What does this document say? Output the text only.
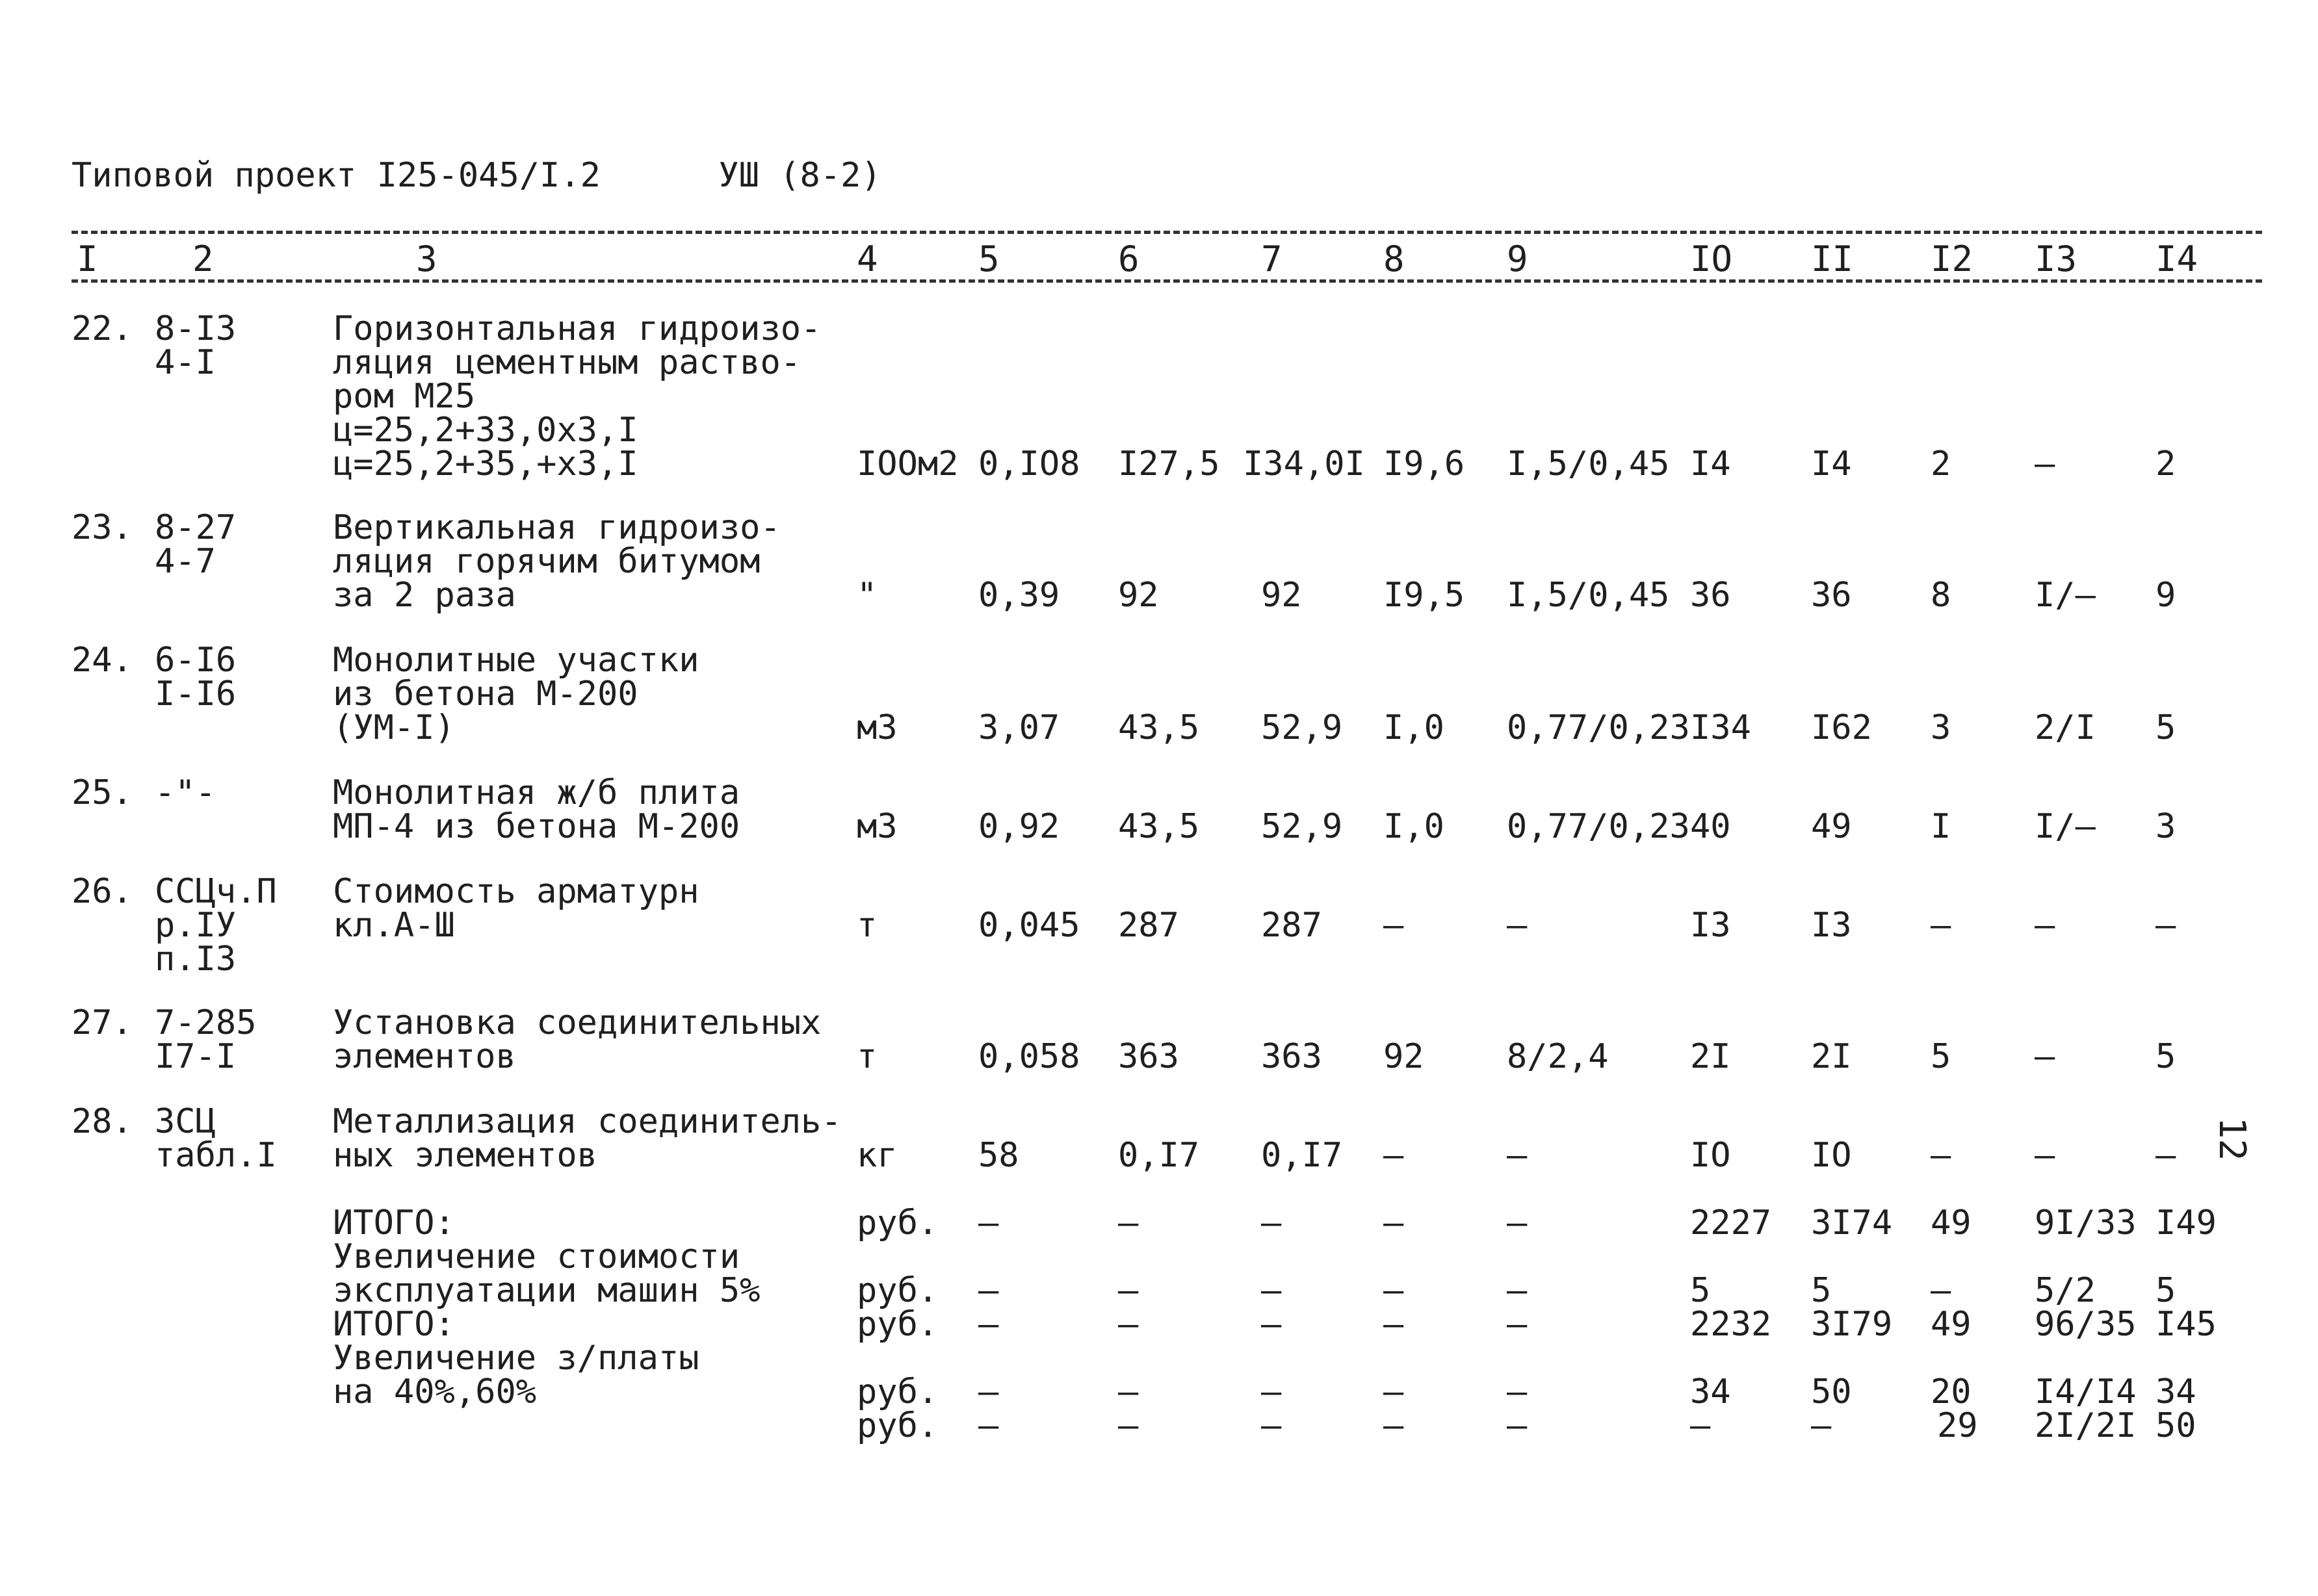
Типовой проект I25-045/I.2	УШ (8-2)
I	2	3	4	5	6	7	8	9	IO II I2 I3 I4
22. 8-I3
4-I
Горизонтальная гидроизо-
ляция цементным раство-
ром М25
ц=25,2+33,0х3,I
ц=25,2+35,+х3,I	IOOм2 0,IO8 I27,5 I34,0I I9,6 I,5/0,45 I4 I4 2 –	2
23. 8-27
4-7
Вертикальная гидроизо-
ляция горячим битумом
за 2 раза	"	0,39 92	92 I9,5 I,5/0,45 36 36 8 I/– 9
24. 6-I6
I-I6
Монолитные участки
из бетона М-200
(УМ-I)	м3 3,07 43,5 52,9 I,0 0,77/0,23 I34 I62 3 2/I 5
25. -"-	Монолитная ж/б плита
МП-4 из бетона М-200	м3 0,92 43,5 52,9 I,0 0,77/0,23 40 49 I I/– 3
26. ССЦч.П
р.IУ
п.I3
Стоимость арматурн
кл.А-Ш	т	0,045 287 287 –	–	I3 I3 – –	–
27. 7-285
I7-I
Установка соединительных
элементов	т	0,058 363 363 92 8/2,4 2I 2I 5 –	5
28. ЗСЦ
табл.I
Металлизация соединитель-
ных элементов	кг 58	0,I7 0,I7 –	–	IO IO – –	–
ИТОГО:	руб. –	–	–	–	–	2227 3I74 49 9I/33 I49
Увеличение стоимости
эксплуатации машин 5%	руб. –	–	–	–	–	5	5	– 5/2 5
ИТОГО:	руб. –	–	–	–	–	2232 3I79 49 96/35 I45
Увеличение з/платы
на 40%,60%	руб. –	–	–	–	–	34 50 20 I4/I4 34
руб. –	–	–	–	–	–	–	29 2I/2I 50
12
